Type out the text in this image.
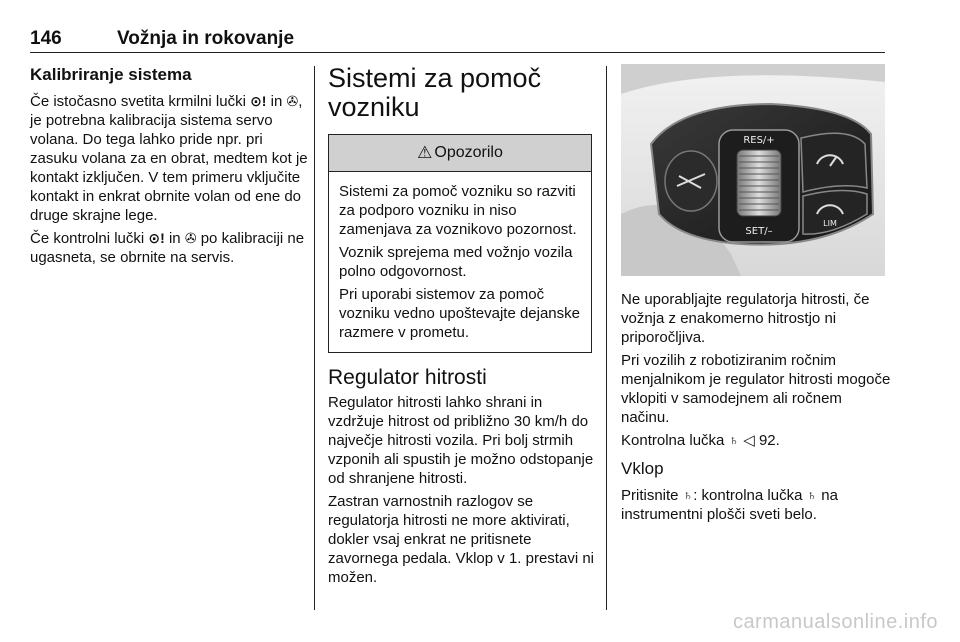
146	Vožnja in rokovanje
Kalibriranje sistema

Če istočasno svetita krmilni lučki ⊙! in ✇, je potrebna kalibracija sistema servo volana. Do tega lahko pride npr. pri zasuku volana za en obrat, medtem kot je kontakt izključen. V tem primeru vključite kontakt in enkrat obrnite volan od ene do druge skrajne lege.

Če kontrolni lučki ⊙! in ✇ po kalibraciji ne ugasneta, se obrnite na servis.

Sistemi za pomoč vozniku
⚠ Opozorilo

Sistemi za pomoč vozniku so razviti za podporo vozniku in niso zamenjava za voznikovo pozornost.

Voznik sprejema med vožnjo vozila polno odgovornost.

Pri uporabi sistemov za pomoč vozniku vedno upoštevajte dejanske razmere v prometu.

Regulator hitrosti

Regulator hitrosti lahko shrani in vzdržuje hitrost od približno 30 km/h do največje hitrosti vozila. Pri bolj strmih vzponih ali spustih je možno odstopanje od shranjene hitrosti.

Zastran varnostnih razlogov se regulatorja hitrosti ne more aktivirati, dokler vsaj enkrat ne pritisnete zavornega pedala. Vklop v 1. prestavi ni možen.

RES/+
SET/–
LIM

Ne uporabljajte regulatorja hitrosti, če vožnja z enakomerno hitrostjo ni priporočljiva.

Pri vozilih z robotiziranim ročnim menjalnikom je regulator hitrosti mogoče vklopiti v samodejnem ali ročnem načinu.

Kontrolna lučka ♄ ◁ 92.

Vklop

Pritisnite ♄: kontrolna lučka ♄ na instrumentni plošči sveti belo.

carmanualsonline.info
